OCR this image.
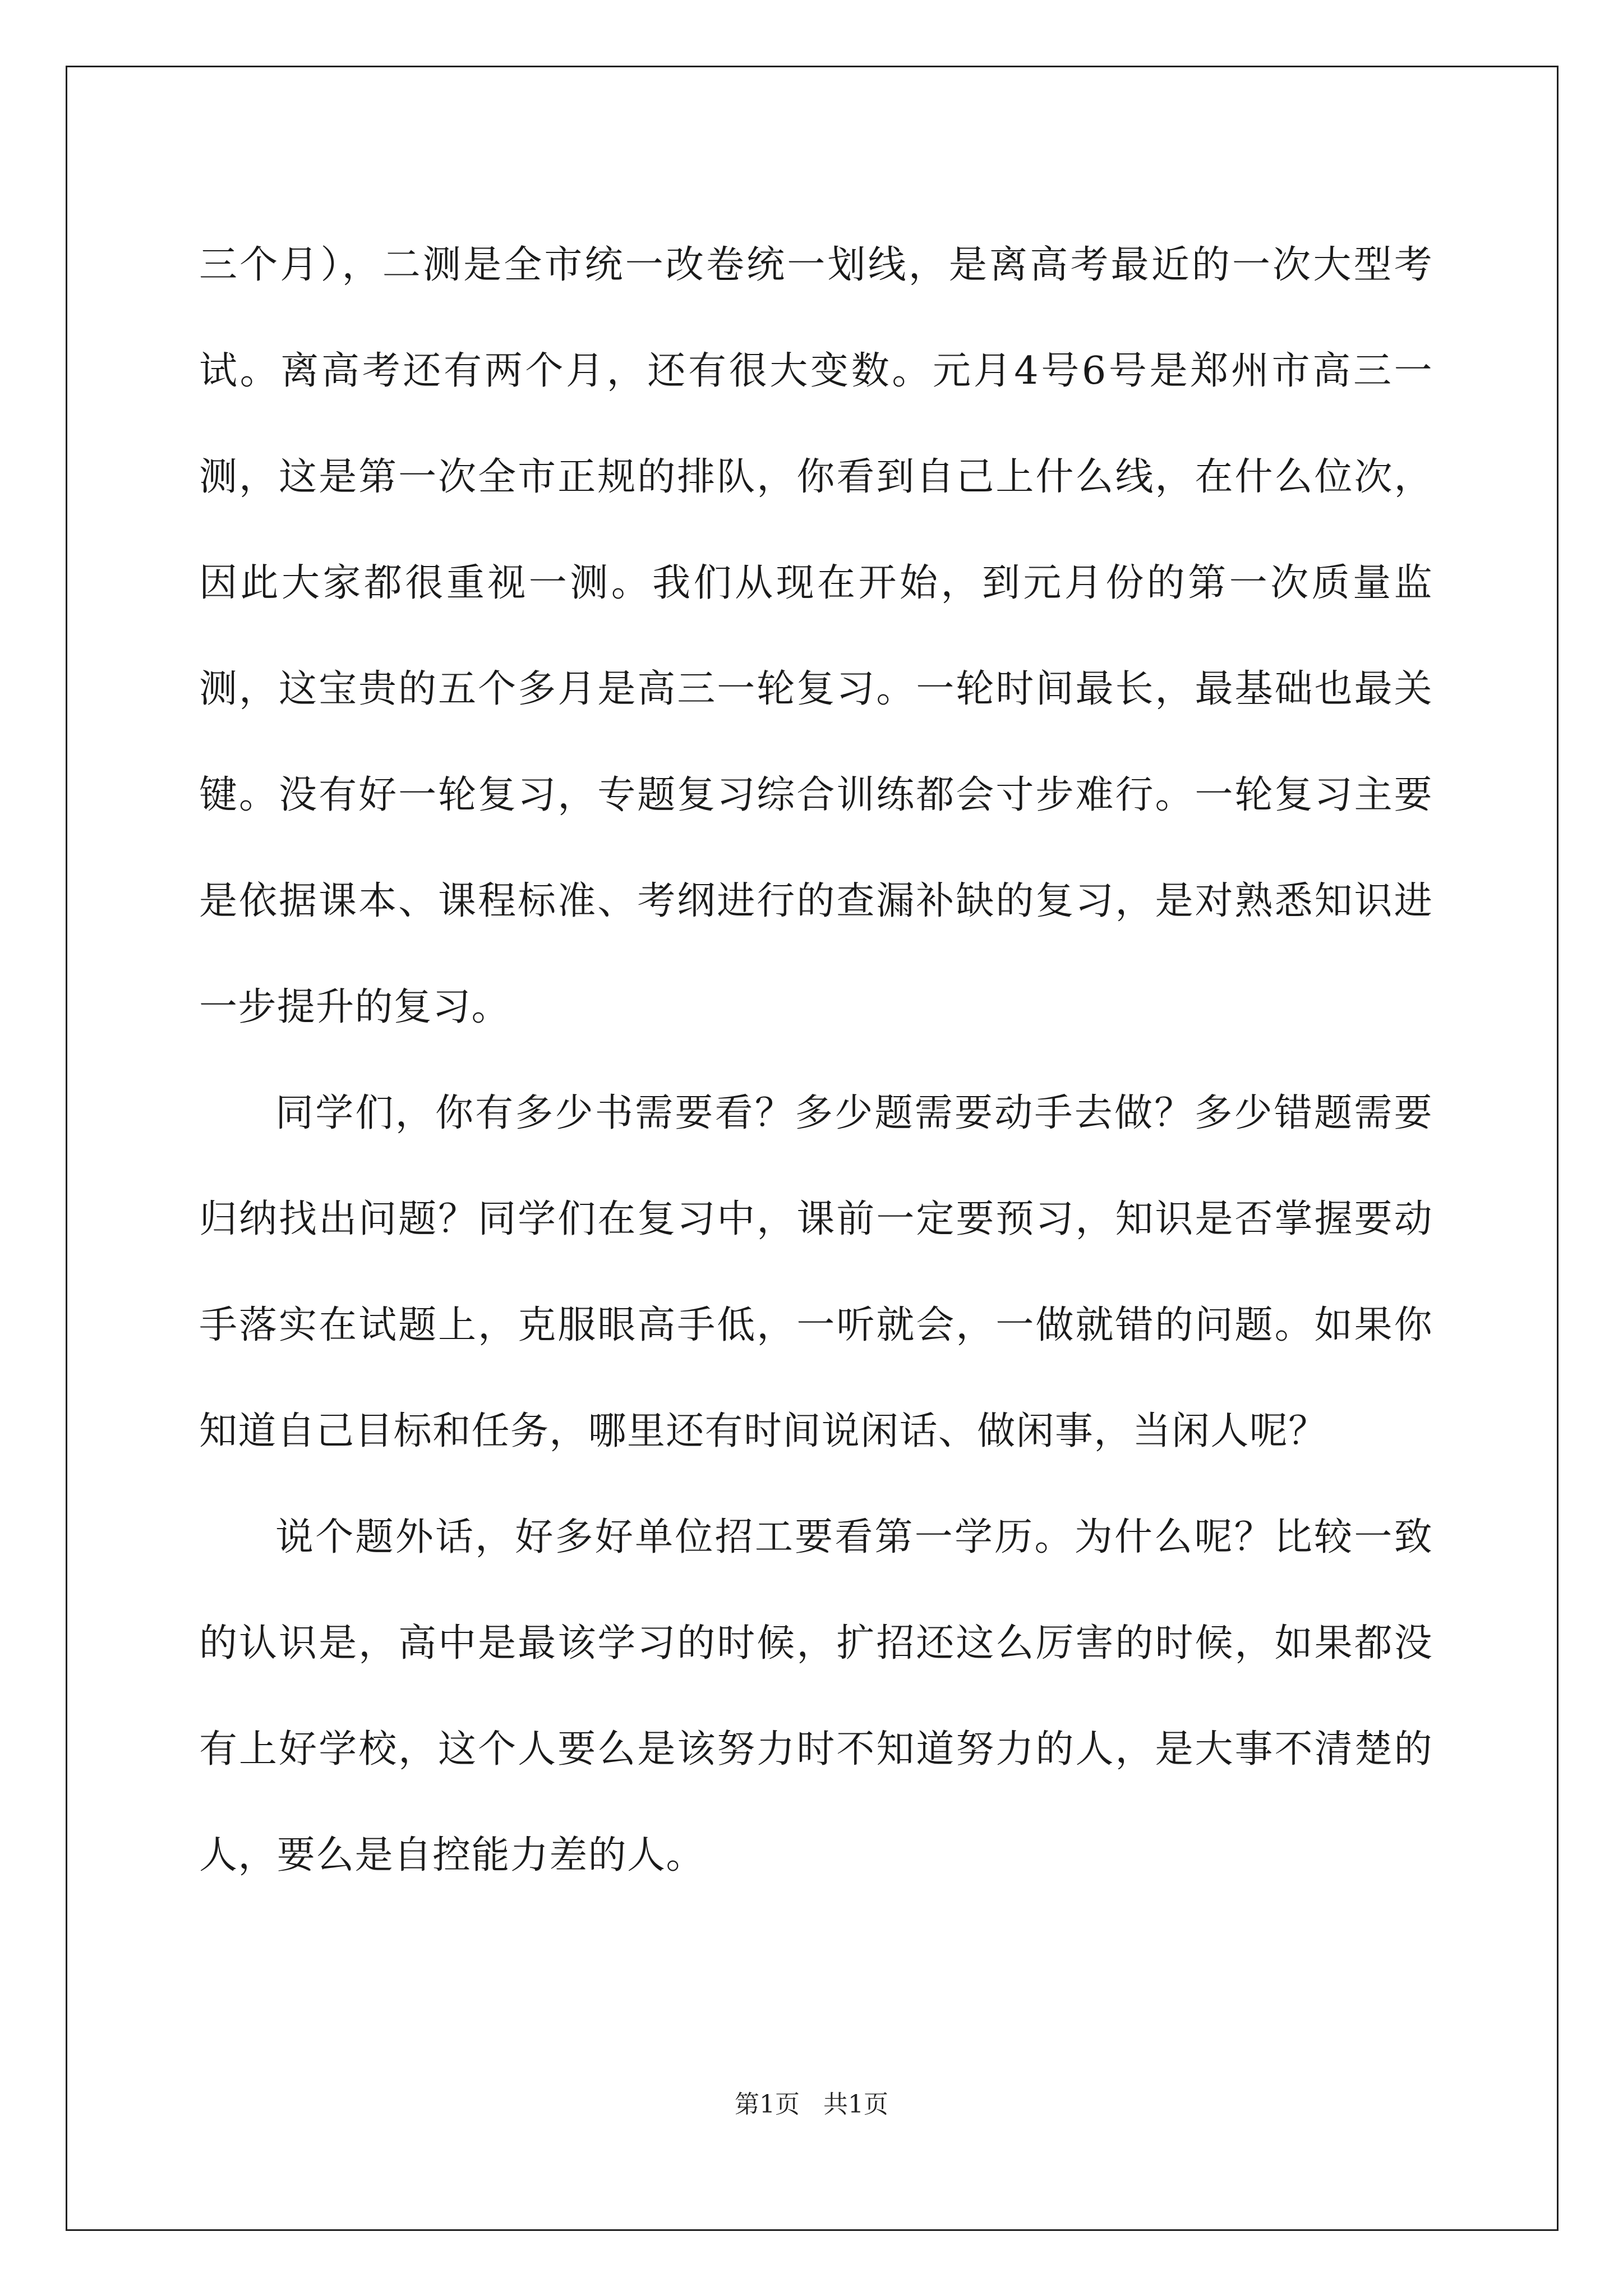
三个月），二测是全市统一改卷统一划线，是离高考最近的一次大型考试。离高考还有两个月，还有很大变数。元月4号6号是郑州市高三一测，这是第一次全市正规的排队，你看到自己上什么线，在什么位次，因此大家都很重视一测。我们从现在开始，到元月份的第一次质量监测，这宝贵的五个多月是高三一轮复习。一轮时间最长，最基础也最关键。没有好一轮复习，专题复习综合训练都会寸步难行。一轮复习主要是依据课本、课程标准、考纲进行的查漏补缺的复习，是对熟悉知识进一步提升的复习。

同学们，你有多少书需要看？多少题需要动手去做？多少错题需要归纳找出问题？同学们在复习中，课前一定要预习，知识是否掌握要动手落实在试题上，克服眼高手低，一听就会，一做就错的问题。如果你知道自己目标和任务，哪里还有时间说闲话、做闲事，当闲人呢？

说个题外话，好多好单位招工要看第一学历。为什么呢？比较一致的认识是，高中是最该学习的时候，扩招还这么厉害的时候，如果都没有上好学校，这个人要么是该努力时不知道努力的人，是大事不清楚的人，要么是自控能力差的人。

第1页   共1页
